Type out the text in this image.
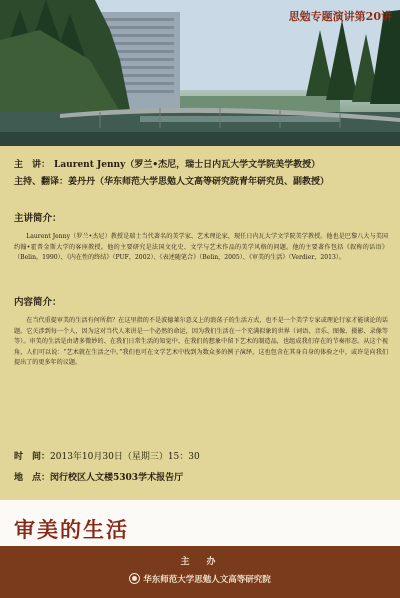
思勉专题演讲第20讲
主　讲： Laurent Jenny（罗兰•杰尼，瑞士日内瓦大学文学院美学教授）
主持、翻译：姜丹丹（华东师范大学思勉人文高等研究院青年研究员、副教授）
主讲简介：

Laurent Jenny（罗兰•杰尼）教授是瑞士当代著名的美学家、艺术理论家，现任日内瓦大学文学院美学教授。他也是巴黎八大与美国约翰•霍普金斯大学的客座教授。他的主要研究是法国文化史、文学与艺术作品的美学风格的问题。他的主要著作包括《叙称的话语》（Belin，1990）、《内在性的终结》（PUF，2002）、《表述随笔合》（Belin，2005）、《审美的生活》（Verdier，2013）。

内容简介：

在当代重提审美的生活有何所指？在这里指的不是波德莱尔意义上的浪荡子的生活方式，也不是一个美学专家或理论行家才能谈论的话题。它关涉到每一个人，因为这对当代人来讲是一个必然的命运，因为我们生活在一个充满拟象的世界（词语、音乐、图像、摄影、录像等等）。审美的生活是由诸多微妙的、在我们日常生活的知觉中、在我们的想象中留下艺术的制造品，也组成我们存在的节奏形态。从这个视角，人们可以说：“艺术就在生活之中。”我们也可在文学艺术中找到为数众多的例子演绎，这也包含在其身自身的体验之中，或许是向我们提出了的更多年的议题。

时　间：2013年10月30日（星期三）15：30
地　点：闵行校区人文楼5303学术报告厅
审美的生活
主　办
华东师范大学思勉人文高等研究院
